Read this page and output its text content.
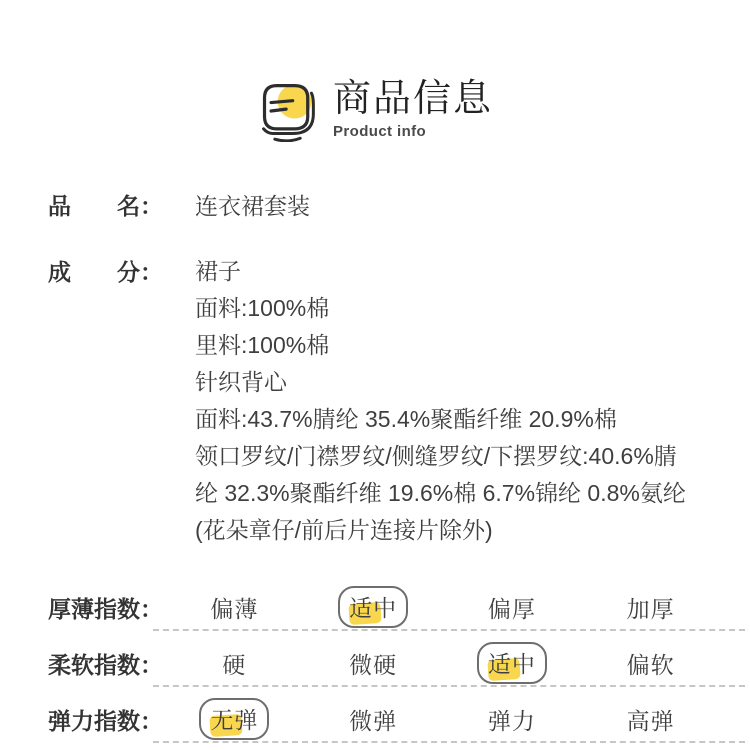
商品信息
Product info
品　　名：	连衣裙套装
成　　分：	裙子
面料:100%棉
里料:100%棉
针织背心
面料:43.7%腈纶 35.4%聚酯纤维 20.9%棉
领口罗纹/门襟罗纹/侧缝罗纹/下摆罗纹:40.6%腈
纶 32.3%聚酯纤维 19.6%棉 6.7%锦纶 0.8%氨纶
(花朵章仔/前后片连接片除外)
厚薄指数：	偏薄	适中	偏厚	加厚
柔软指数：	硬	微硬	适中	偏软
弹力指数：	无弹	微弹	弹力	高弹
